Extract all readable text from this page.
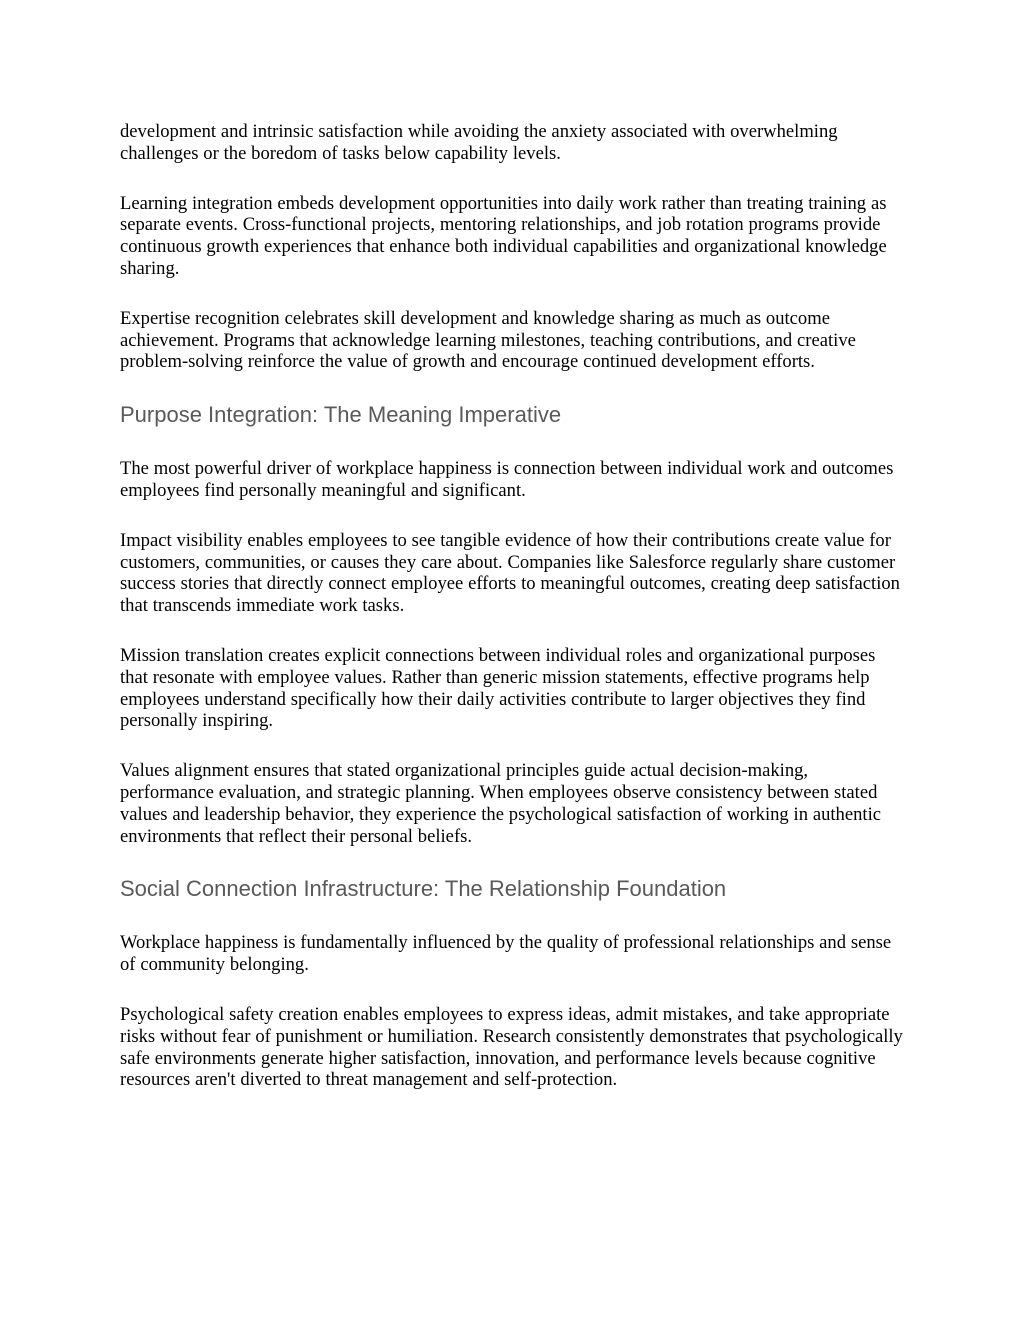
development and intrinsic satisfaction while avoiding the anxiety associated with overwhelming challenges or the boredom of tasks below capability levels.

Learning integration embeds development opportunities into daily work rather than treating training as separate events. Cross-functional projects, mentoring relationships, and job rotation programs provide continuous growth experiences that enhance both individual capabilities and organizational knowledge sharing.

Expertise recognition celebrates skill development and knowledge sharing as much as outcome achievement. Programs that acknowledge learning milestones, teaching contributions, and creative problem-solving reinforce the value of growth and encourage continued development efforts.

Purpose Integration: The Meaning Imperative

The most powerful driver of workplace happiness is connection between individual work and outcomes employees find personally meaningful and significant.

Impact visibility enables employees to see tangible evidence of how their contributions create value for customers, communities, or causes they care about. Companies like Salesforce regularly share customer success stories that directly connect employee efforts to meaningful outcomes, creating deep satisfaction that transcends immediate work tasks.

Mission translation creates explicit connections between individual roles and organizational purposes that resonate with employee values. Rather than generic mission statements, effective programs help employees understand specifically how their daily activities contribute to larger objectives they find personally inspiring.

Values alignment ensures that stated organizational principles guide actual decision-making, performance evaluation, and strategic planning. When employees observe consistency between stated values and leadership behavior, they experience the psychological satisfaction of working in authentic environments that reflect their personal beliefs.

Social Connection Infrastructure: The Relationship Foundation

Workplace happiness is fundamentally influenced by the quality of professional relationships and sense of community belonging.

Psychological safety creation enables employees to express ideas, admit mistakes, and take appropriate risks without fear of punishment or humiliation. Research consistently demonstrates that psychologically safe environments generate higher satisfaction, innovation, and performance levels because cognitive resources aren't diverted to threat management and self-protection.
